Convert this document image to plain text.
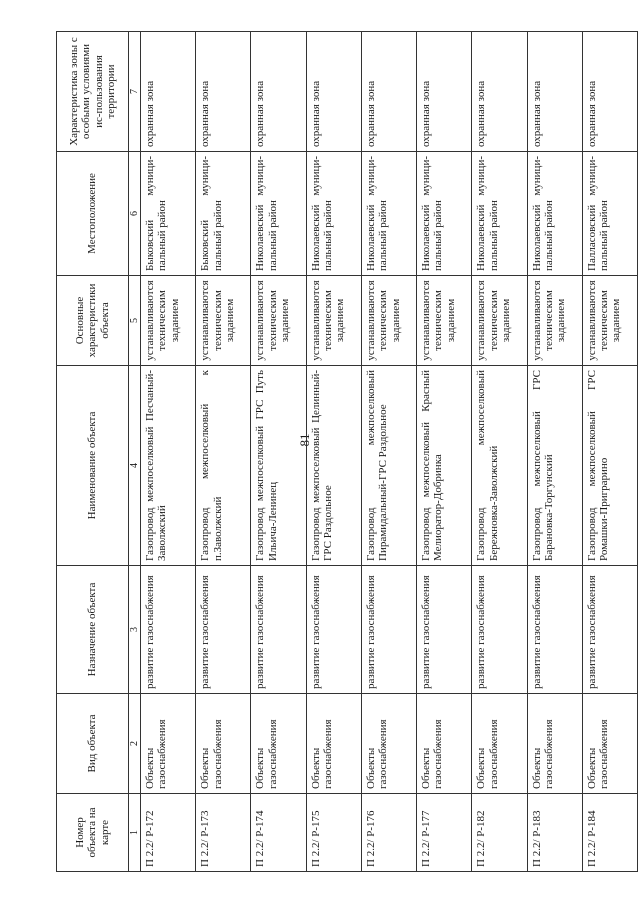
81
Номер объекта на карте	Вид объекта	Назначение объекта	Наименование объекта	Основные характеристики объекта	Местоположение	Характеристика зоны с особыми условиями ис-пользования территории
1	2	3	4	5	6	7
П 2.2/ Р-172	Объекты газоснабжения	развитие газоснабжения	Газопровод межпоселковый Песчаный-Заволжский	устанавливаются техническим заданием	Быковский муници-пальный район	охранная зона
П 2.2/ Р-173	Объекты газоснабжения	развитие газоснабжения	Газопровод межпоселковый к п.Заволжский	устанавливаются техническим заданием	Быковский муници-пальный район	охранная зона
П 2.2/ Р-174	Объекты газоснабжения	развитие газоснабжения	Газопровод межпоселковый ГРС Путь Ильича-Ленинец	устанавливаются техническим заданием	Николаевский муници-пальный район	охранная зона
П 2.2/ Р-175	Объекты газоснабжения	развитие газоснабжения	Газопровод межпоселковый Целинный-ГРС Раздольное	устанавливаются техническим заданием	Николаевский муници-пальный район	охранная зона
П 2.2/ Р-176	Объекты газоснабжения	развитие газоснабжения	Газопровод межпоселковый Пирамидальный-ГРС Раздольное	устанавливаются техническим заданием	Николаевский муници-пальный район	охранная зона
П 2.2/ Р-177	Объекты газоснабжения	развитие газоснабжения	Газопровод межпоселковый Красный Мелиоратор-Добринка	устанавливаются техническим заданием	Николаевский муници-пальный район	охранная зона
П 2.2/ Р-182	Объекты газоснабжения	развитие газоснабжения	Газопровод межпоселковый Бережновка-Заволжский	устанавливаются техническим заданием	Николаевский муници-пальный район	охранная зона
П 2.2/ Р-183	Объекты газоснабжения	развитие газоснабжения	Газопровод межпоселковый ГРС Барановка-Торгунский	устанавливаются техническим заданием	Николаевский муници-пальный район	охранная зона
П 2.2/ Р-184	Объекты газоснабжения	развитие газоснабжения	Газопровод межпоселковый ГРС Ромашки-Приграрино	устанавливаются техническим заданием	Палласовский муници-пальный район	охранная зона
